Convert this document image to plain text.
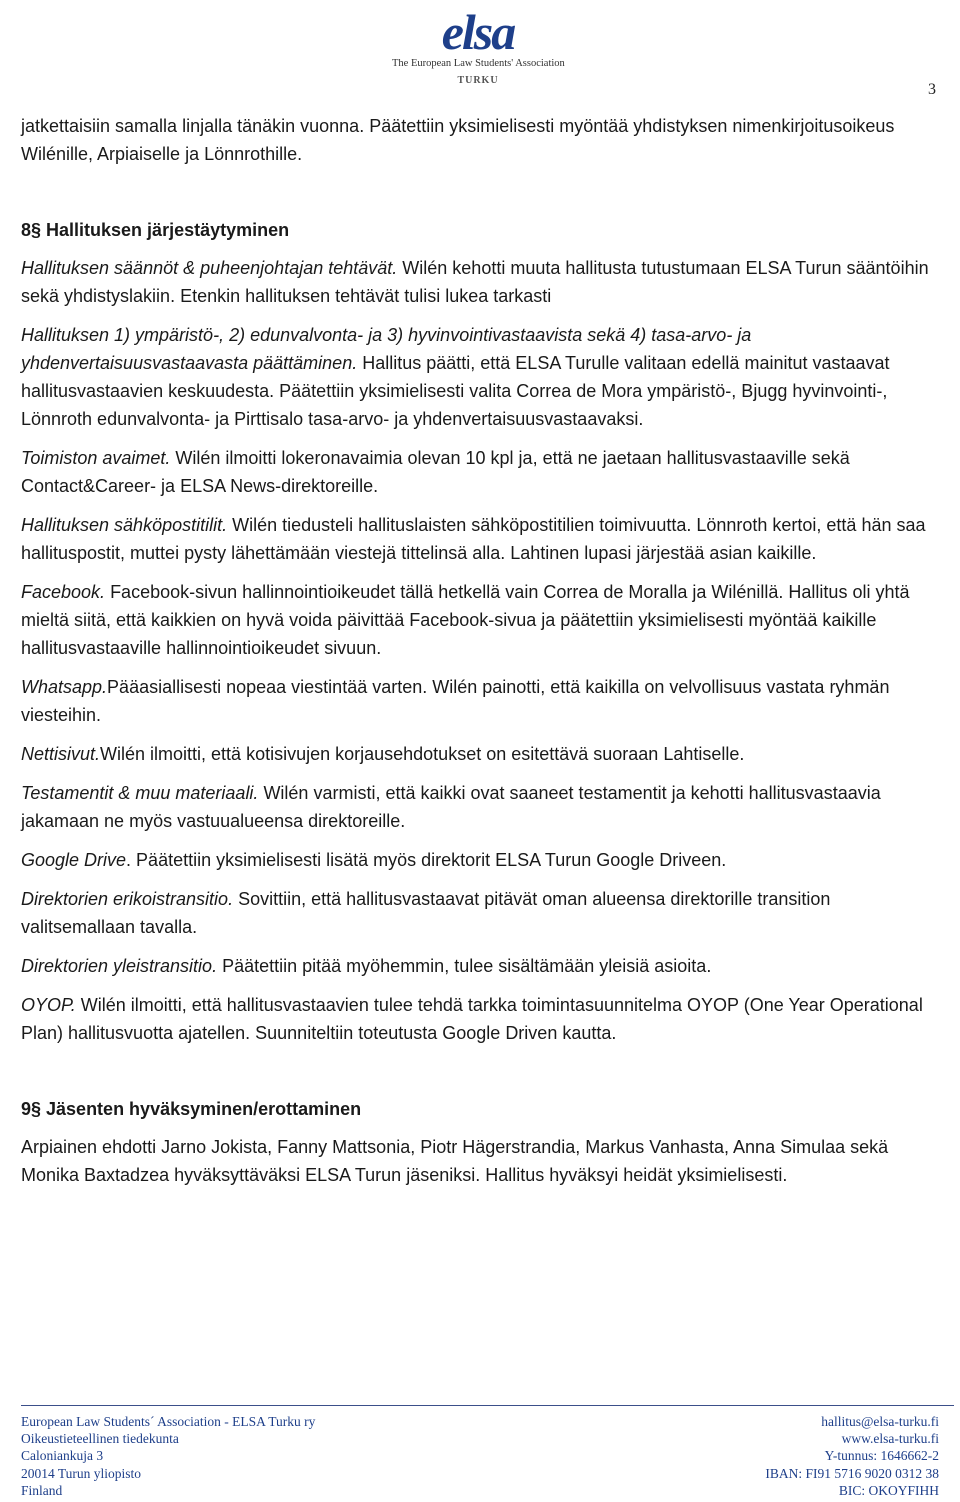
elsa
The European Law Students' Association
TURKU
3

jatkettaisiin samalla linjalla tänäkin vuonna. Päätettiin yksimielisesti myöntää yhdistyksen nimenkirjoitusoikeus Wilénille, Arpiaiselle ja Lönnrothille.

8§ Hallituksen järjestäytyminen

Hallituksen säännöt & puheenjohtajan tehtävät. Wilén kehotti muuta hallitusta tutustumaan ELSA Turun sääntöihin sekä yhdistyslakiin. Etenkin hallituksen tehtävät tulisi lukea tarkasti

Hallituksen 1) ympäristö-, 2) edunvalvonta- ja 3) hyvinvointivastaavista sekä 4) tasa-arvo- ja yhdenvertaisuusvastaavasta päättäminen. Hallitus päätti, että ELSA Turulle valitaan edellä mainitut vastaavat hallitusvastaavien keskuudesta. Päätettiin yksimielisesti valita Correa de Mora ympäristö-, Bjugg hyvinvointi-, Lönnroth edunvalvonta- ja Pirttisalo tasa-arvo- ja yhdenvertaisuusvastaavaksi.

Toimiston avaimet. Wilén ilmoitti lokeronavaimia olevan 10 kpl ja, että ne jaetaan hallitusvastaaville sekä Contact&Career- ja ELSA News-direktoreille.

Hallituksen sähköpostitilit. Wilén tiedusteli hallituslaisten sähköpostitilien toimivuutta. Lönnroth kertoi, että hän saa hallituspostit, muttei pysty lähettämään viestejä tittelinsä alla. Lahtinen lupasi järjestää asian kaikille.

Facebook. Facebook-sivun hallinnointioikeudet tällä hetkellä vain Correa de Moralla ja Wilénillä. Hallitus oli yhtä mieltä siitä, että kaikkien on hyvä voida päivittää Facebook-sivua ja päätettiin yksimielisesti myöntää kaikille hallitusvastaaville hallinnointioikeudet sivuun.

Whatsapp.Pääasiallisesti nopeaa viestintää varten. Wilén painotti, että kaikilla on velvollisuus vastata ryhmän viesteihin.

Nettisivut.Wilén ilmoitti, että kotisivujen korjausehdotukset on esitettävä suoraan Lahtiselle.

Testamentit & muu materiaali. Wilén varmisti, että kaikki ovat saaneet testamentit ja kehotti hallitusvastaavia jakamaan ne myös vastuualueensa direktoreille.

Google Drive. Päätettiin yksimielisesti lisätä myös direktorit ELSA Turun Google Driveen.

Direktorien erikoistransitio. Sovittiin, että hallitusvastaavat pitävät oman alueensa direktorille transition valitsemallaan tavalla.

Direktorien yleistransitio. Päätettiin pitää myöhemmin, tulee sisältämään yleisiä asioita.

OYOP. Wilén ilmoitti, että hallitusvastaavien tulee tehdä tarkka toimintasuunnitelma OYOP (One Year Operational Plan) hallitusvuotta ajatellen. Suunniteltiin toteutusta Google Driven kautta.

9§ Jäsenten hyväksyminen/erottaminen

Arpiainen ehdotti Jarno Jokista, Fanny Mattsonia, Piotr Hägerstrandia, Markus Vanhasta, Anna Simulaa sekä Monika Baxtadzea hyväksyttäväksi ELSA Turun jäseniksi. Hallitus hyväksyi heidät yksimielisesti.

European Law Students´ Association - ELSA Turku ry
Oikeustieteellinen tiedekunta
Caloniankuja 3
20014 Turun yliopisto
Finland
hallitus@elsa-turku.fi
www.elsa-turku.fi
Y-tunnus: 1646662-2
IBAN: FI91 5716 9020 0312 38
BIC: OKOYFIHH
